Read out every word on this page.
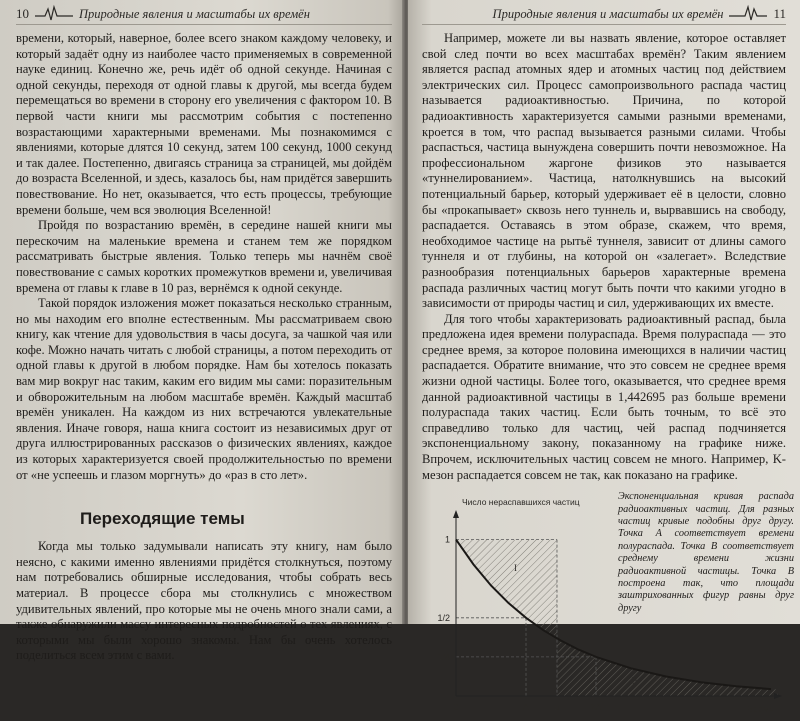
10	Природные явления и масштабы их времён

времени, который, наверное, более всего знаком каждому человеку, и который задаёт одну из наиболее часто применяемых в современной науке единиц. Конечно же, речь идёт об одной секунде. Начиная с одной секунды, переходя от одной главы к другой, мы всегда будем перемещаться во времени в сторону его увеличения с фактором 10. В первой части книги мы рассмотрим события с постепенно возрастающими характерными временами. Мы познакомимся с явлениями, которые длятся 10 секунд, затем 100 секунд, 1000 секунд и так далее. Постепенно, двигаясь страница за страницей, мы дойдём до возраста Вселенной, и здесь, казалось бы, нам придётся завершить повествование. Но нет, оказывается, что есть процессы, требующие времени больше, чем вся эволюция Вселенной!

Пройдя по возрастанию времён, в середине нашей книги мы перескочим на маленькие времена и станем тем же порядком рассматривать быстрые явления. Только теперь мы начнём своё повествование с самых коротких промежутков времени и, увеличивая времена от главы к главе в 10 раз, вернёмся к одной секунде.

Такой порядок изложения может показаться несколько странным, но мы находим его вполне естественным. Мы рассматриваем свою книгу, как чтение для удовольствия в часы досуга, за чашкой чая или кофе. Можно начать читать с любой страницы, а потом переходить от одной главы к другой в любом порядке. Нам бы хотелось показать вам мир вокруг нас таким, каким его видим мы сами: поразительным и обворожительным на любом масштабе времён. Каждый масштаб времён уникален. На каждом из них встречаются увлекательные явления. Иначе говоря, наша книга состоит из независимых друг от друга иллюстрированных рассказов о физических явлениях, каждое из которых характеризуется своей продолжительностью по времени от «не успеешь и глазом моргнуть» до «раз в сто лет».

Переходящие темы

Когда мы только задумывали написать эту книгу, нам было неясно, с какими именно явлениями придётся столкнуться, поэтому нам потребовались обширные исследования, чтобы собрать весь материал. В процессе сбора мы столкнулись с множеством удивительных явлений, про которые мы не очень много знали сами, а также обнаружили массу интересных подробностей о тех явлениях, с которыми мы были хорошо знакомы. Нам бы очень хотелось поделиться всем этим с вами.

Природные явления и масштабы их времён	11

Например, можете ли вы назвать явление, которое оставляет свой след почти во всех масштабах времён? Таким явлением является распад атомных ядер и атомных частиц под действием электрических сил. Процесс самопроизвольного распада частиц называется радиоактивностью. Причина, по которой радиоактивность характеризуется самыми разными временами, кроется в том, что распад вызывается разными силами. Чтобы распасться, частица вынуждена совершить почти невозможное. На профессиональном жаргоне физиков это называется «туннелированием». Частица, натолкнувшись на высокий потенциальный барьер, который удерживает её в целости, словно бы «прокапывает» сквозь него туннель и, вырвавшись на свободу, распадается. Оставаясь в этом образе, скажем, что время, необходимое частице на рытьё туннеля, зависит от длины самого туннеля и от глубины, на которой он «залегает». Вследствие разнообразия потенциальных барьеров характерные времена распада различных частиц могут быть почти что какими угодно в зависимости от природы частиц и сил, удерживающих их вместе.

Для того чтобы характеризовать радиоактивный распад, была предложена идея времени полураспада. Время полураспада — это среднее время, за которое половина имеющихся в наличии частиц распадается. Обратите внимание, что это совсем не среднее время жизни одной частицы. Более того, оказывается, что среднее время данной радиоактивной частицы в 1,442695 раз больше времени полураспада таких частиц. Если быть точным, то всё это справедливо только для частиц, чей распад подчиняется экспоненциальному закону, показанному на графике ниже. Впрочем, исключительных частиц совсем не много. Например, K-мезон распадается совсем не так, как показано на графике.

Число нераспавшихся частиц
1
1/2
1/4
0	A	B	2A
I
II
Время
Экспоненциальная кривая распада радиоактивных частиц. Для разных частиц кривые подобны друг другу. Точка A соответствует времени полураспада. Точка B соответствует среднему времени жизни радиоактивной частицы. Точка B построена так, что площади заштрихованных фигур равны друг другу
